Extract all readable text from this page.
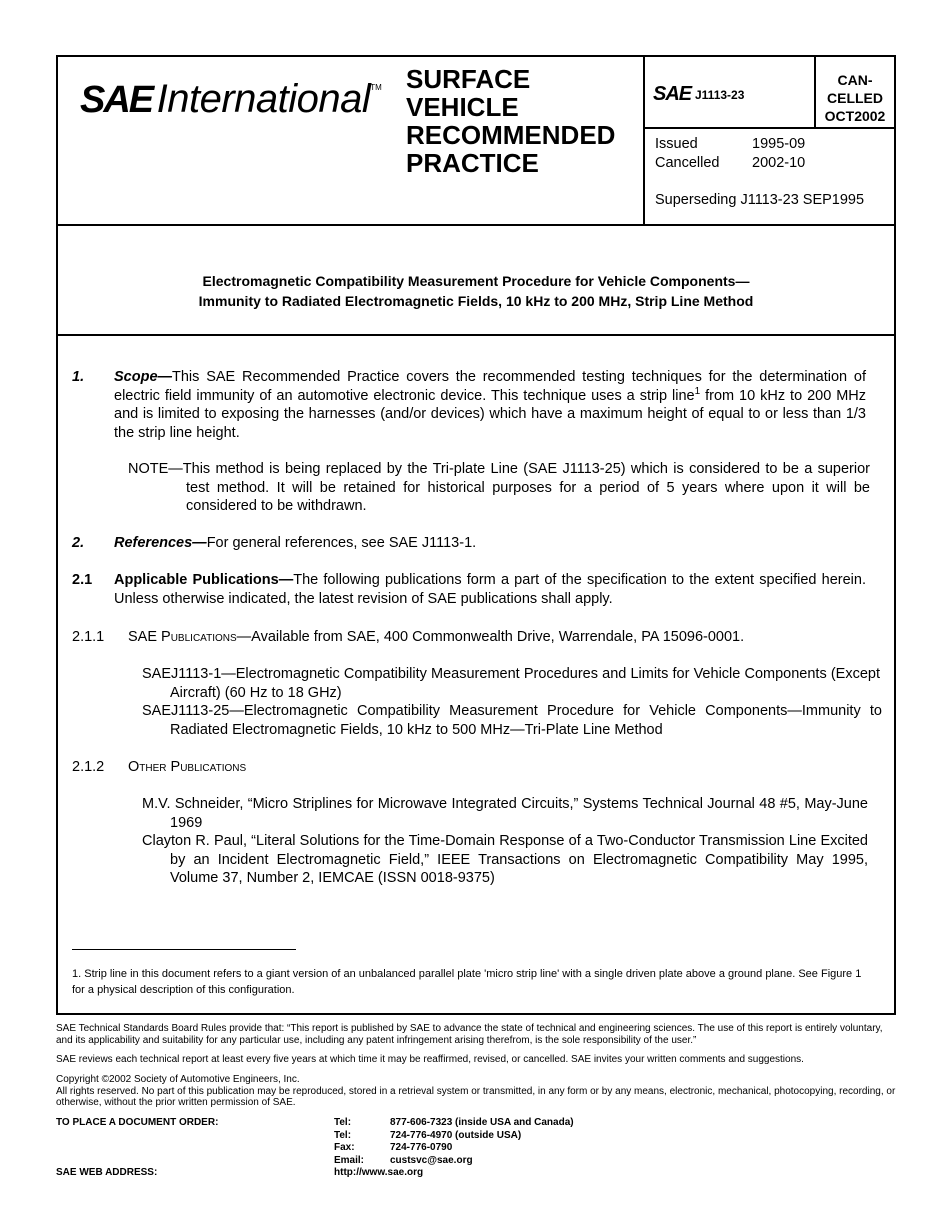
SAE International™ SURFACE
VEHICLE
RECOMMENDED
PRACTICE
SAE J1113-23
CAN-
CELLED
OCT2002
Issued	1995-09
Cancelled 2002-10
Superseding J1113-23 SEP1995
Electromagnetic Compatibility Measurement Procedure for Vehicle Components—
Immunity to Radiated Electromagnetic Fields, 10 kHz to 200 MHz, Strip Line Method
1. Scope—This SAE Recommended Practice covers the recommended testing techniques for the determination of electric field immunity of an automotive electronic device. This technique uses a strip line$^1$ from 10 kHz to 200 MHz and is limited to exposing the harnesses (and/or devices) which have a maximum height of equal to or less than 1/3 the strip line height.
NOTE—This method is being replaced by the Tri-plate Line (SAE J1113-25) which is considered to be a superior test method. It will be retained for historical purposes for a period of 5 years where upon it will be considered to be withdrawn.
2. References—For general references, see SAE J1113-1.
2.1 Applicable Publications—The following publications form a part of the specification to the extent specified herein. Unless otherwise indicated, the latest revision of SAE publications shall apply.
2.1.1 SAE Publications—Available from SAE, 400 Commonwealth Drive, Warrendale, PA 15096-0001.
SAEJ1113-1—Electromagnetic Compatibility Measurement Procedures and Limits for Vehicle Components (Except Aircraft) (60 Hz to 18 GHz)
SAEJ1113-25—Electromagnetic Compatibility Measurement Procedure for Vehicle Components—Immunity to Radiated Electromagnetic Fields, 10 kHz to 500 MHz—Tri-Plate Line Method
2.1.2 Other Publications
M.V. Schneider, “Micro Striplines for Microwave Integrated Circuits,” Systems Technical Journal 48 #5, May-June 1969
Clayton R. Paul, “Literal Solutions for the Time-Domain Response of a Two-Conductor Transmission Line Excited by an Incident Electromagnetic Field,” IEEE Transactions on Electromagnetic Compatibility May 1995, Volume 37, Number 2, IEMCAE (ISSN 0018-9375)
1. Strip line in this document refers to a giant version of an unbalanced parallel plate 'micro strip line' with a single driven plate above a ground plane. See Figure 1 for a physical description of this configuration.
SAE Technical Standards Board Rules provide that: “This report is published by SAE to advance the state of technical and engineering sciences. The use of this report is entirely voluntary, and its applicability and suitability for any particular use, including any patent infringement arising therefrom, is the sole responsibility of the user.”
SAE reviews each technical report at least every five years at which time it may be reaffirmed, revised, or cancelled. SAE invites your written comments and suggestions.
Copyright ©2002 Society of Automotive Engineers, Inc.
All rights reserved. No part of this publication may be reproduced, stored in a retrieval system or transmitted, in any form or by any means, electronic, mechanical, photocopying, recording, or otherwise, without the prior written permission of SAE.
TO PLACE A DOCUMENT ORDER:
SAE WEB ADDRESS:
Tel:
Tel:
Fax:
Email:
877-606-7323 (inside USA and Canada)
724-776-4970 (outside USA)
724-776-0790
custsvc@sae.org
http://www.sae.org
